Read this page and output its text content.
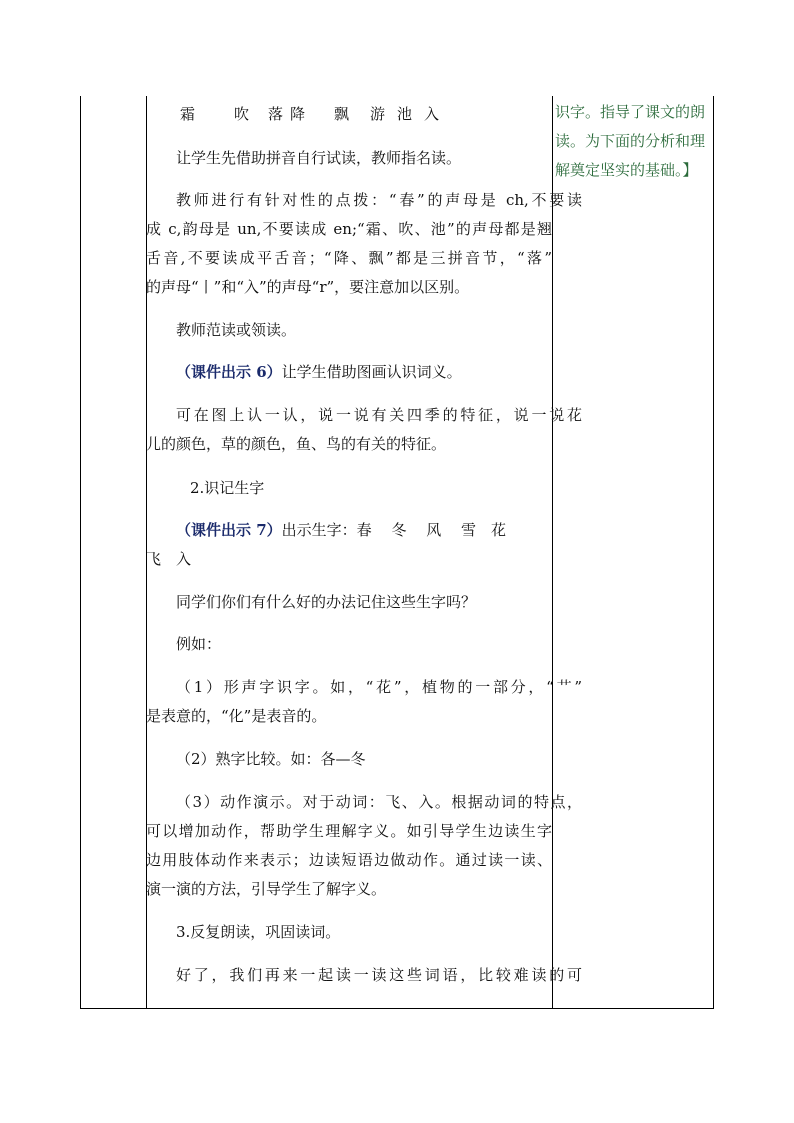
霜	吹 落 降 飘 游 池 入
让学生先借助拼音自行试读，教师指名读。
教师进行有针对性的点拨：“春”的声母是 ch,不要读
成 c,韵母是 un,不要读成 en;“霜、吹、池”的声母都是翘
舌音,不要读成平舌音；“降、飘”都是三拼音节，“落”
的声母“丨”和“入”的声母“r”，要注意加以区别。
教师范读或领读。
（课件出示 6）让学生借助图画认识词义。
可在图上认一认，说一说有关四季的特征，说一说花
儿的颜色，草的颜色，鱼、鸟的有关的特征。
2.识记生字
（课件出示 7）出示生字：春　 冬　 风　 雪　花
飞　入
同学们你们有什么好的办法记住这些生字吗？
例如：
（1）形声字识字。如，“花”，植物的一部分，“艹”
是表意的，“化”是表音的。
（2）熟字比较。如：各—冬
（3）动作演示。对于动词：飞、入。根据动词的特点，
可以增加动作，帮助学生理解字义。如引导学生边读生字
边用肢体动作来表示；边读短语边做动作。通过读一读、
演一演的方法，引导学生了解字义。
3.反复朗读，巩固读词。
好了，我们再来一起读一读这些词语，比较难读的可
识字。指导了课文的朗
读。为下面的分析和理
解奠定坚实的基础。】
